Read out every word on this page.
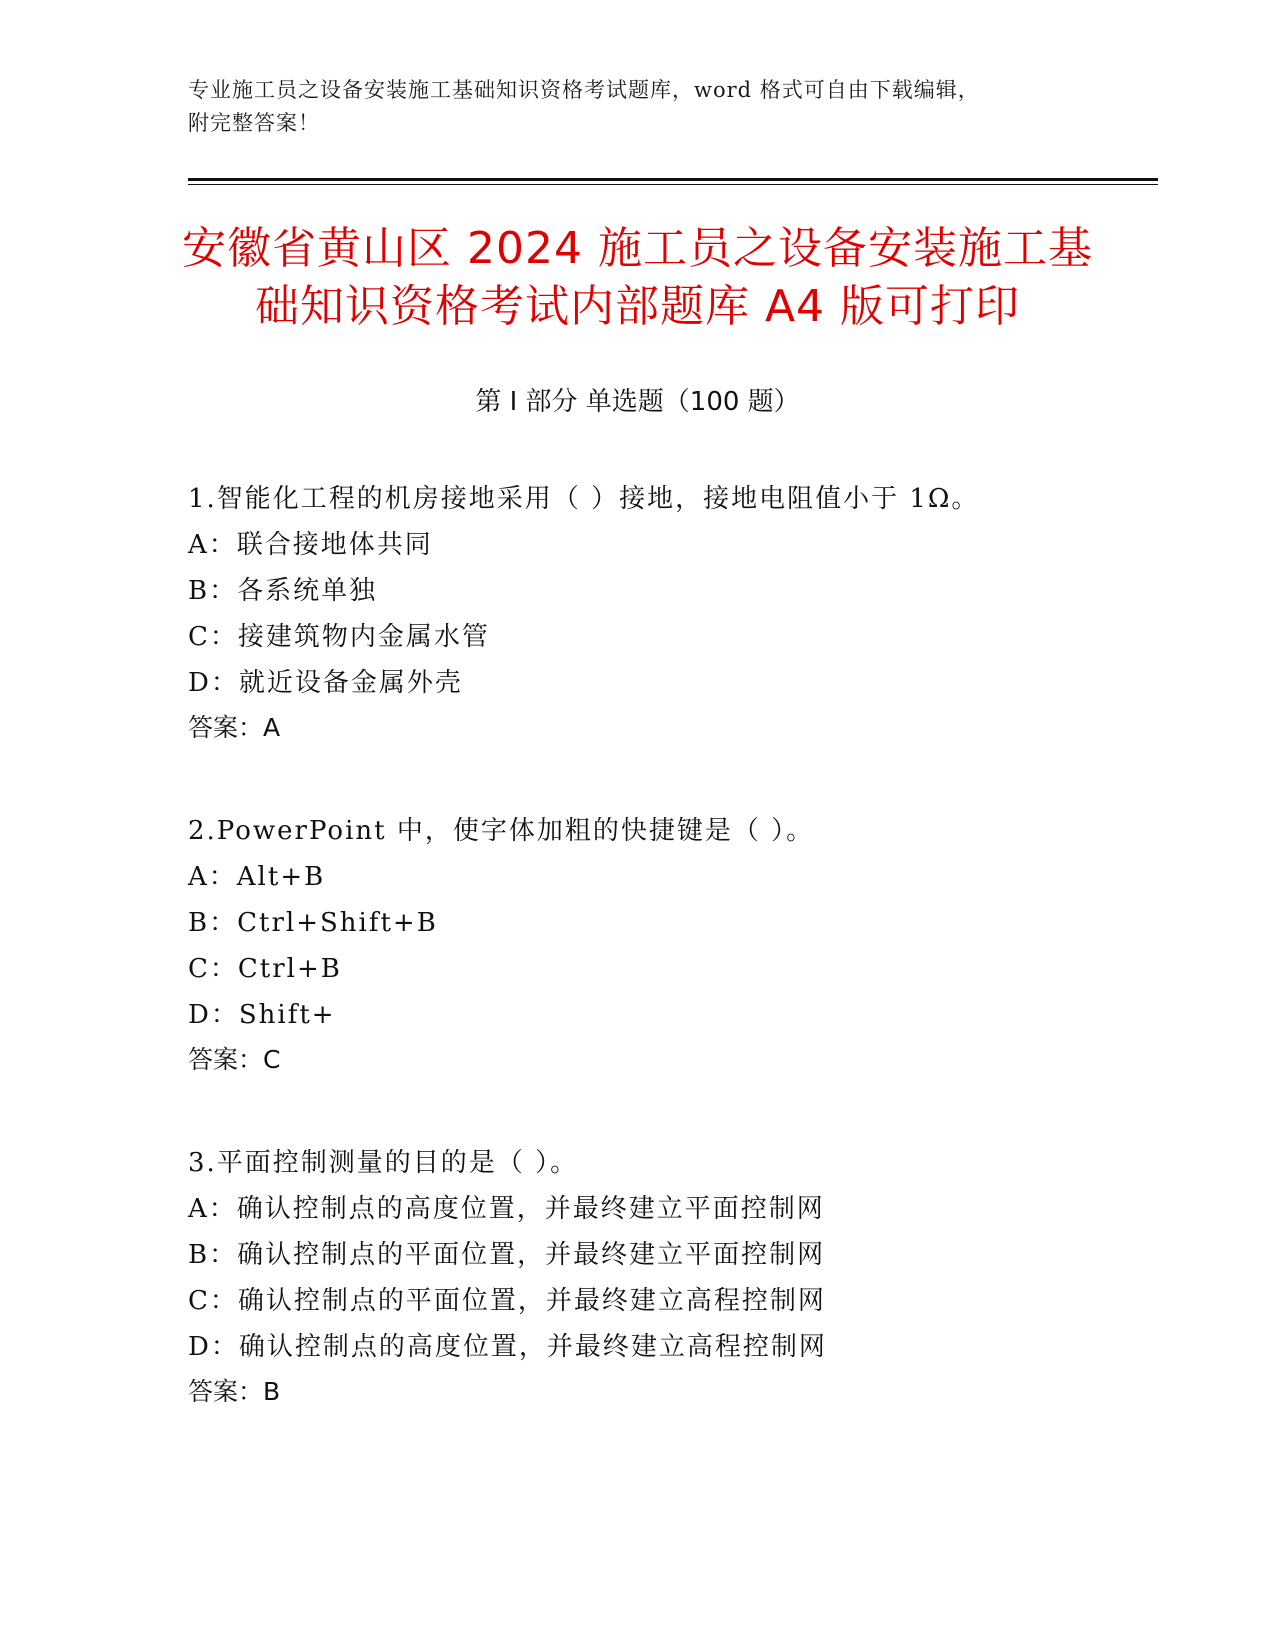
专业施工员之设备安装施工基础知识资格考试题库，word 格式可自由下载编辑，
附完整答案！
安徽省黄山区 2024 施工员之设备安装施工基
础知识资格考试内部题库 A4 版可打印
第 I 部分 单选题（100 题）
1.智能化工程的机房接地采用（ ）接地，接地电阻值小于 1Ω。
A：联合接地体共同
B：各系统单独
C：接建筑物内金属水管
D：就近设备金属外壳
答案：A
2.PowerPoint 中，使字体加粗的快捷键是（ ）。
A：Alt+B
B：Ctrl+Shift+B
C：Ctrl+B
D：Shift+
答案：C
3.平面控制测量的目的是（ ）。
A：确认控制点的高度位置，并最终建立平面控制网
B：确认控制点的平面位置，并最终建立平面控制网
C：确认控制点的平面位置，并最终建立高程控制网
D：确认控制点的高度位置，并最终建立高程控制网
答案：B
